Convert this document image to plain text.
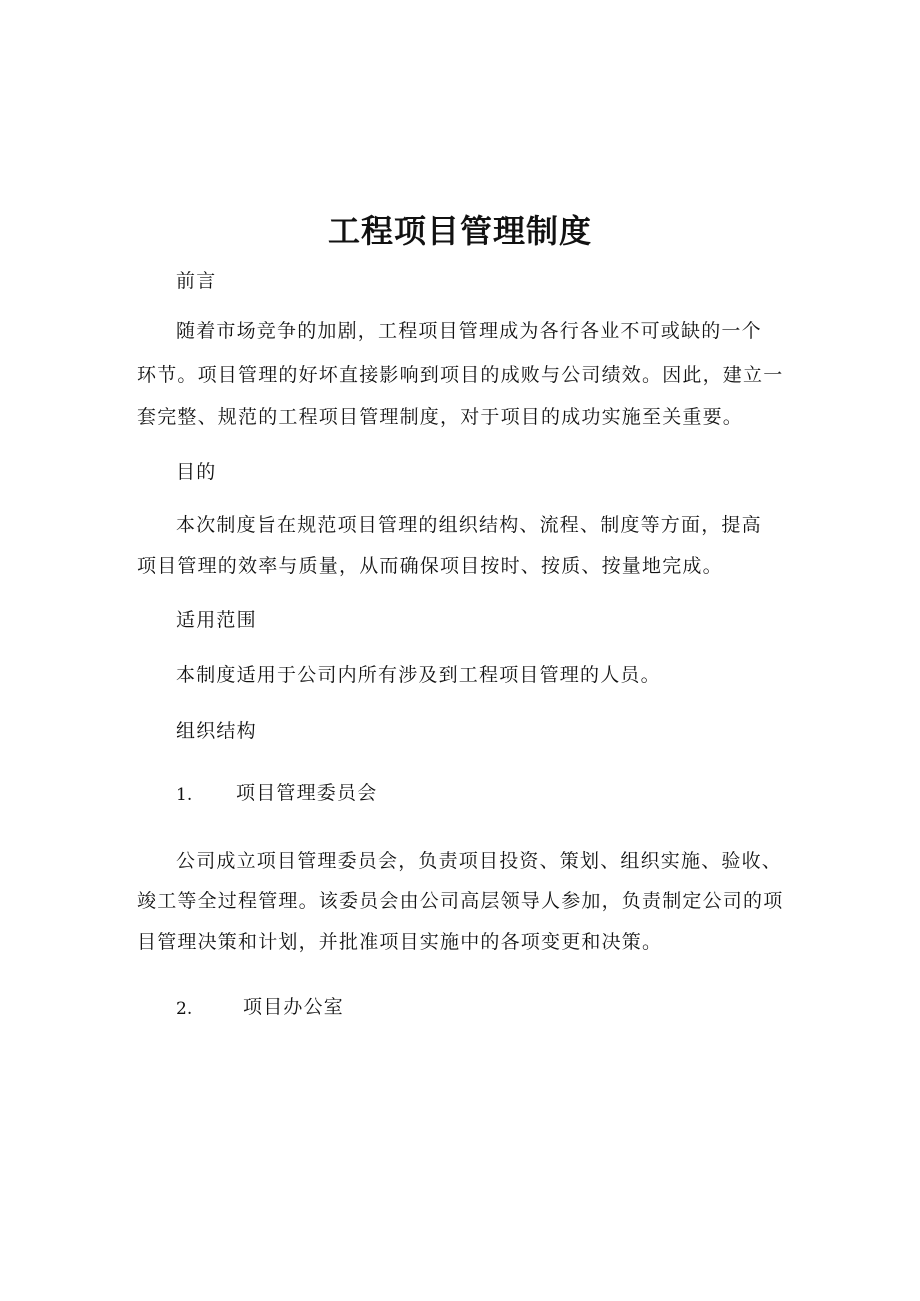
工程项目管理制度

前言

随着市场竞争的加剧，工程项目管理成为各行各业不可或缺的一个

环节。项目管理的好坏直接影响到项目的成败与公司绩效。因此，建立一

套完整、规范的工程项目管理制度，对于项目的成功实施至关重要。

目的

本次制度旨在规范项目管理的组织结构、流程、制度等方面，提高

项目管理的效率与质量，从而确保项目按时、按质、按量地完成。

适用范围

本制度适用于公司内所有涉及到工程项目管理的人员。

组织结构

1. 项目管理委员会

公司成立项目管理委员会，负责项目投资、策划、组织实施、验收、

竣工等全过程管理。该委员会由公司高层领导人参加，负责制定公司的项

目管理决策和计划，并批准项目实施中的各项变更和决策。

2.	项目办公室
